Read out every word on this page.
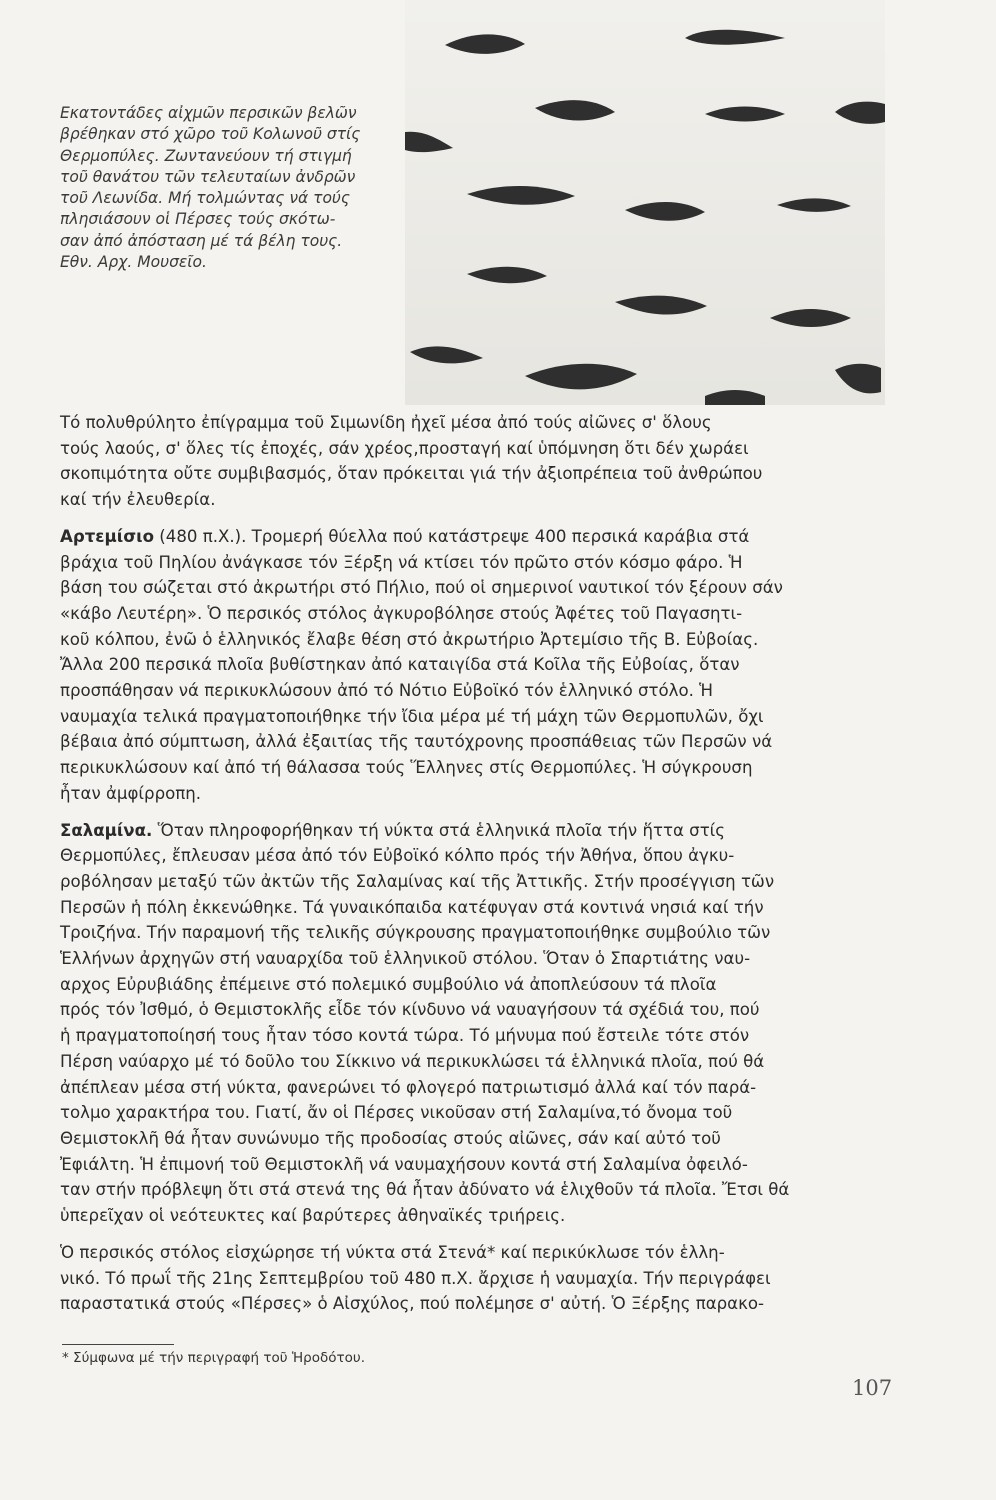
Εκατοντάδες αἰχμῶν περσικῶν βελῶν
βρέθηκαν στό χῶρο τοῦ Κολωνοῦ στίς
Θερμοπύλες. Ζωντανεύουν τή στιγμή
τοῦ θανάτου τῶν τελευταίων ἀνδρῶν
τοῦ Λεωνίδα. Μή τολμώντας νά τούς
πλησιάσουν οἱ Πέρσες τούς σκότω-
σαν ἀπό ἀπόσταση μέ τά βέλη τους.
Εθν. Αρχ. Μουσεῖο.

Τό πολυθρύλητο ἐπίγραμμα τοῦ Σιμωνίδη ἠχεῖ μέσα ἀπό τούς αἰῶνες σ' ὅλους
τούς λαούς, σ' ὅλες τίς ἐποχές, σάν χρέος,προσταγή καί ὑπόμνηση ὅτι δέν χωράει
σκοπιμότητα οὔτε συμβιβασμός, ὅταν πρόκειται γιά τήν ἀξιοπρέπεια τοῦ ἀνθρώπου
καί τήν ἐλευθερία.

Αρτεμίσιο (480 π.Χ.). Τρομερή θύελλα πού κατάστρεψε 400 περσικά καράβια στά
βράχια τοῦ Πηλίου ἀνάγκασε τόν Ξέρξη νά κτίσει τόν πρῶτο στόν κόσμο φάρο. Ἡ
βάση του σώζεται στό ἀκρωτήρι στό Πήλιο, πού οἱ σημερινοί ναυτικοί τόν ξέρουν σάν
«κάβο Λευτέρη». Ὁ περσικός στόλος ἀγκυροβόλησε στούς Ἀφέτες τοῦ Παγασητι-
κοῦ κόλπου, ἐνῶ ὁ ἑλληνικός ἔλαβε θέση στό ἀκρωτήριο Ἀρτεμίσιο τῆς Β. Εὐβοίας.
Ἄλλα 200 περσικά πλοῖα βυθίστηκαν ἀπό καταιγίδα στά Κοῖλα τῆς Εὐβοίας, ὅταν
προσπάθησαν νά περικυκλώσουν ἀπό τό Νότιο Εὐβοϊκό τόν ἑλληνικό στόλο. Ἡ
ναυμαχία τελικά πραγματοποιήθηκε τήν ἴδια μέρα μέ τή μάχη τῶν Θερμοπυλῶν, ὄχι
βέβαια ἀπό σύμπτωση, ἀλλά ἐξαιτίας τῆς ταυτόχρονης προσπάθειας τῶν Περσῶν νά
περικυκλώσουν καί ἀπό τή θάλασσα τούς Ἕλληνες στίς Θερμοπύλες. Ἡ σύγκρουση
ἦταν ἀμφίρροπη.

Σαλαμίνα. Ὅταν πληροφορήθηκαν τή νύκτα στά ἑλληνικά πλοῖα τήν ἥττα στίς
Θερμοπύλες, ἔπλευσαν μέσα ἀπό τόν Εὐβοϊκό κόλπο πρός τήν Ἀθήνα, ὅπου ἀγκυ-
ροβόλησαν μεταξύ τῶν ἀκτῶν τῆς Σαλαμίνας καί τῆς Ἀττικῆς. Στήν προσέγγιση τῶν
Περσῶν ἡ πόλη ἐκκενώθηκε. Τά γυναικόπαιδα κατέφυγαν στά κοντινά νησιά καί τήν
Τροιζήνα. Τήν παραμονή τῆς τελικῆς σύγκρουσης πραγματοποιήθηκε συμβούλιο τῶν
Ἑλλήνων ἀρχηγῶν στή ναυαρχίδα τοῦ ἑλληνικοῦ στόλου. Ὅταν ὁ Σπαρτιάτης ναυ-
αρχος Εὐρυβιάδης ἐπέμεινε στό πολεμικό συμβούλιο νά ἀποπλεύσουν τά πλοῖα
πρός τόν Ἰσθμό, ὁ Θεμιστοκλῆς εἶδε τόν κίνδυνο νά ναυαγήσουν τά σχέδιά του, πού
ἡ πραγματοποίησή τους ἦταν τόσο κοντά τώρα. Τό μήνυμα πού ἔστειλε τότε στόν
Πέρση ναύαρχο μέ τό δοῦλο του Σίκκινο νά περικυκλώσει τά ἑλληνικά πλοῖα, πού θά
ἀπέπλεαν μέσα στή νύκτα, φανερώνει τό φλογερό πατριωτισμό ἀλλά καί τόν παρά-
τολμο χαρακτήρα του. Γιατί, ἄν οἱ Πέρσες νικοῦσαν στή Σαλαμίνα,τό ὄνομα τοῦ
Θεμιστοκλῆ θά ἦταν συνώνυμο τῆς προδοσίας στούς αἰῶνες, σάν καί αὐτό τοῦ
Ἐφιάλτη. Ἡ ἐπιμονή τοῦ Θεμιστοκλῆ νά ναυμαχήσουν κοντά στή Σαλαμίνα ὀφειλό-
ταν στήν πρόβλεψη ὅτι στά στενά της θά ἦταν ἀδύνατο νά ἑλιχθοῦν τά πλοῖα. Ἔτσι θά
ὑπερεῖχαν οἱ νεότευκτες καί βαρύτερες ἀθηναϊκές τριήρεις.

Ὁ περσικός στόλος εἰσχώρησε τή νύκτα στά Στενά* καί περικύκλωσε τόν ἑλλη-
νικό. Τό πρωΐ τῆς 21ης Σεπτεμβρίου τοῦ 480 π.Χ. ἄρχισε ἡ ναυμαχία. Τήν περιγράφει
παραστατικά στούς «Πέρσες» ὁ Αἰσχύλος, πού πολέμησε σ' αὐτή. Ὁ Ξέρξης παρακο-

* Σύμφωνα μέ τήν περιγραφή τοῦ Ἡροδότου.
107
